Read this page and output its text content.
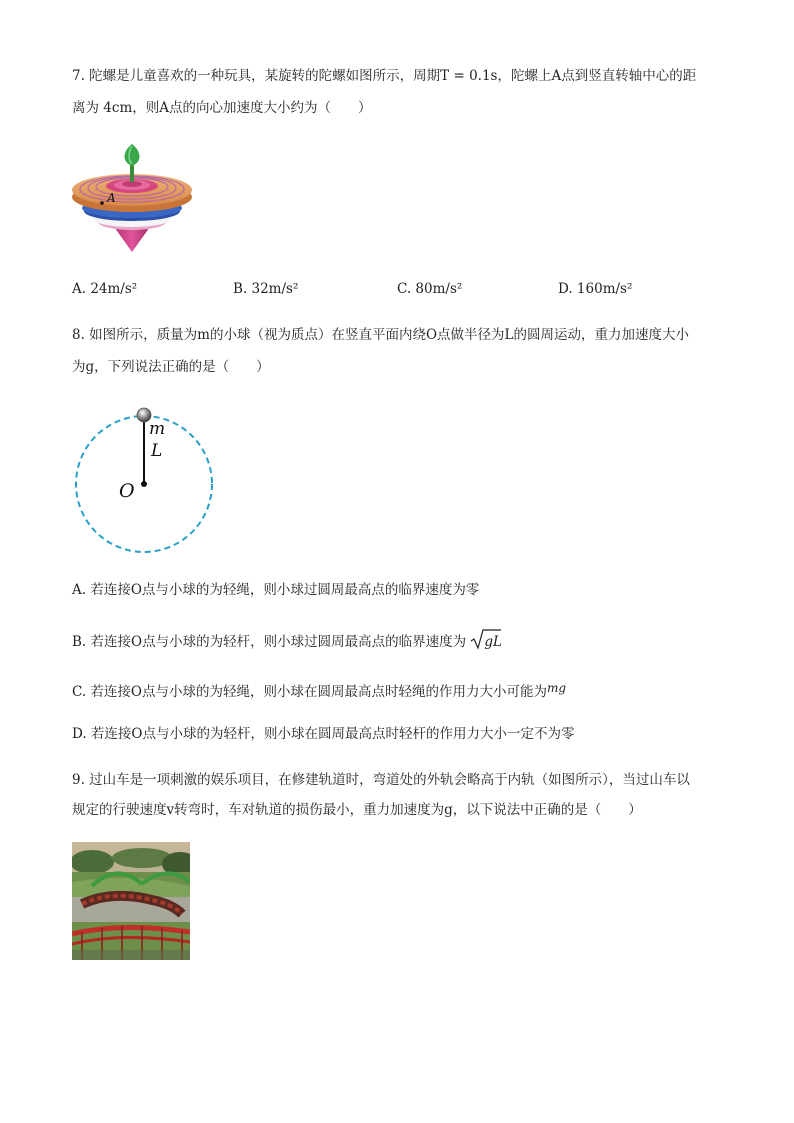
7. 陀螺是儿童喜欢的一种玩具，某旋转的陀螺如图所示，周期T = 0.1s，陀螺上A点到竖直转轴中心的距
离为 4cm，则A点的向心加速度大小约为（　　）
A
A. 24m/s²	B. 32m/s²	C. 80m/s²	D. 160m/s²
8. 如图所示，质量为m的小球（视为质点）在竖直平面内绕O点做半径为L的圆周运动，重力加速度大小
为g，下列说法正确的是（　　）
m
L
O
A. 若连接O点与小球的为轻绳，则小球过圆周最高点的临界速度为零
B. 若连接O点与小球的为轻杆，则小球过圆周最高点的临界速度为 gL
C. 若连接O点与小球的为轻绳，则小球在圆周最高点时轻绳的作用力大小可能为mg
D. 若连接O点与小球的为轻杆，则小球在圆周最高点时轻杆的作用力大小一定不为零
9. 过山车是一项刺激的娱乐项目，在修建轨道时，弯道处的外轨会略高于内轨（如图所示），当过山车以
规定的行驶速度v转弯时，车对轨道的损伤最小，重力加速度为g，以下说法中正确的是（　　）
